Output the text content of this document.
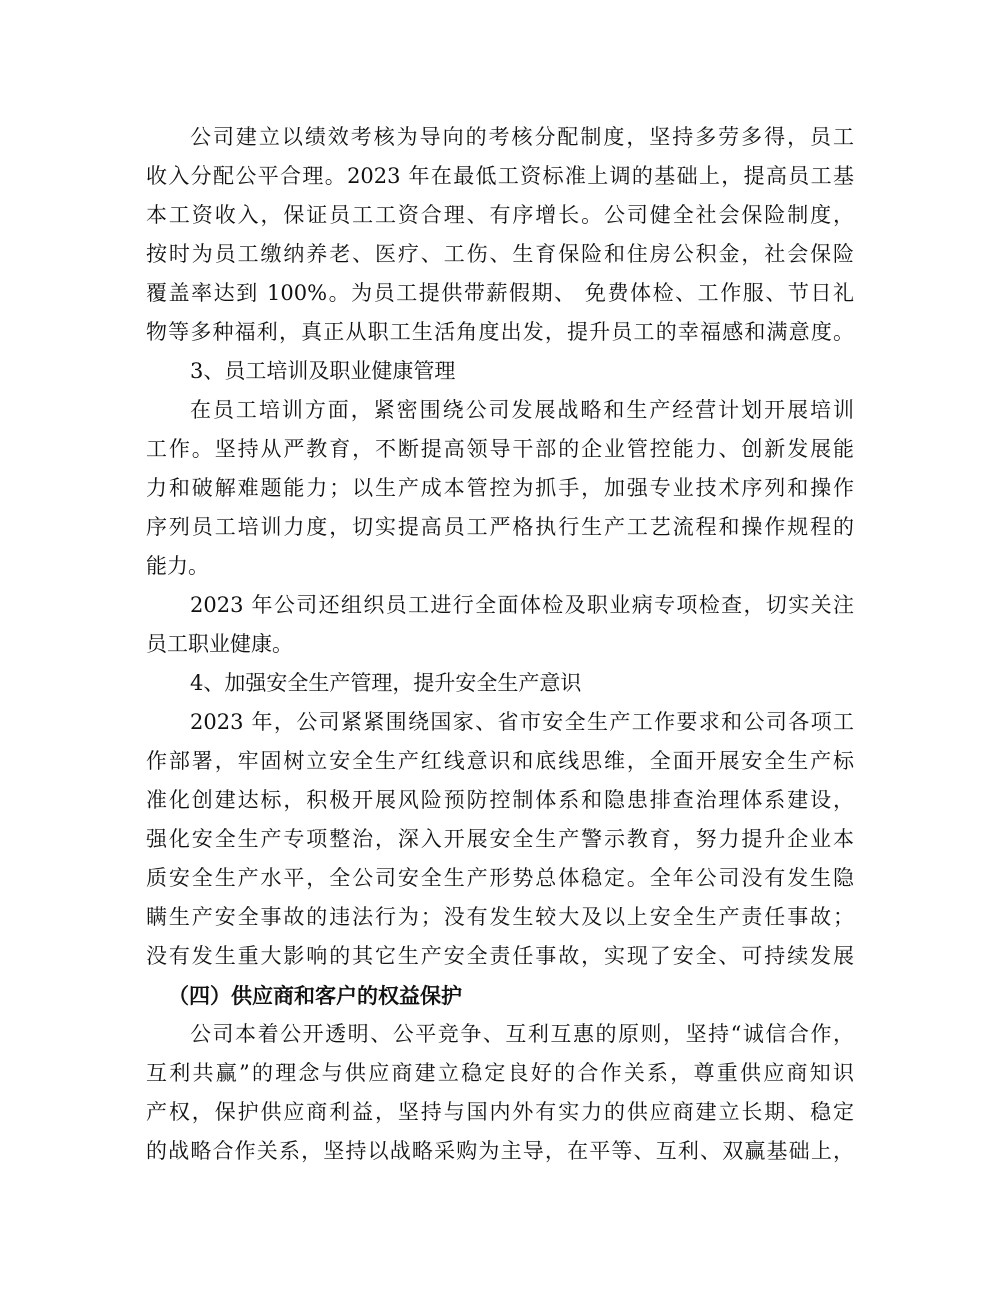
公司建立以绩效考核为导向的考核分配制度，坚持多劳多得，员工
收入分配公平合理。2023 年在最低工资标准上调的基础上，提高员工基
本工资收入，保证员工工资合理、有序增长。公司健全社会保险制度，
按时为员工缴纳养老、医疗、工伤、生育保险和住房公积金，社会保险
覆盖率达到 100%。为员工提供带薪假期、 免费体检、工作服、节日礼
物等多种福利，真正从职工生活角度出发，提升员工的幸福感和满意度。
3、员工培训及职业健康管理
在员工培训方面，紧密围绕公司发展战略和生产经营计划开展培训
工作。坚持从严教育，不断提高领导干部的企业管控能力、创新发展能
力和破解难题能力；以生产成本管控为抓手，加强专业技术序列和操作
序列员工培训力度，切实提高员工严格执行生产工艺流程和操作规程的
能力。
2023 年公司还组织员工进行全面体检及职业病专项检查，切实关注
员工职业健康。
4、加强安全生产管理，提升安全生产意识
2023 年，公司紧紧围绕国家、省市安全生产工作要求和公司各项工
作部署，牢固树立安全生产红线意识和底线思维，全面开展安全生产标
准化创建达标，积极开展风险预防控制体系和隐患排查治理体系建设，
强化安全生产专项整治，深入开展安全生产警示教育，努力提升企业本
质安全生产水平，全公司安全生产形势总体稳定。全年公司没有发生隐
瞒生产安全事故的违法行为；没有发生较大及以上安全生产责任事故；
没有发生重大影响的其它生产安全责任事故，实现了安全、可持续发展
（四）供应商和客户的权益保护
公司本着公开透明、公平竞争、互利互惠的原则，坚持“诚信合作，
互利共赢”的理念与供应商建立稳定良好的合作关系，尊重供应商知识
产权，保护供应商利益，坚持与国内外有实力的供应商建立长期、稳定
的战略合作关系，坚持以战略采购为主导，在平等、互利、双赢基础上，
